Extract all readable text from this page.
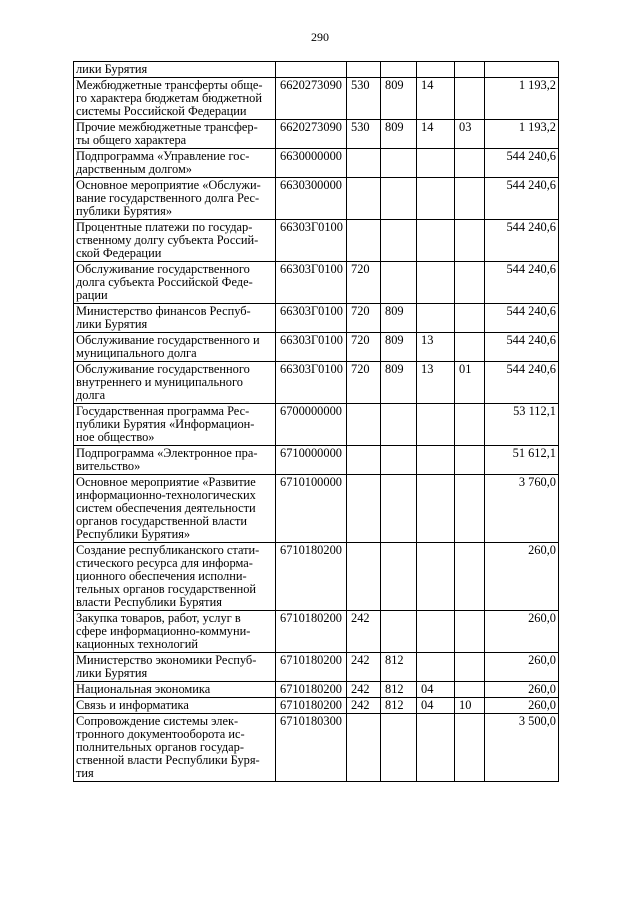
290
лики Бурятия						
Межбюджетные трансферты обще-
го характера бюджетам бюджетной
системы Российской Федерации	6620273090	530	809	14		1 193,2
Прочие межбюджетные трансфер-
ты общего характера	6620273090	530	809	14	03	1 193,2
Подпрограмма «Управление гос-
дарственным долгом»	6630000000					544 240,6
Основное мероприятие «Обслужи-
вание государственного долга Рес-
публики Бурятия»	6630300000					544 240,6
Процентные платежи по государ-
ственному долгу субъекта Россий-
ской Федерации	66303Г0100					544 240,6
Обслуживание государственного
долга субъекта Российской Феде-
рации	66303Г0100	720				544 240,6
Министерство финансов Респуб-
лики Бурятия	66303Г0100	720	809			544 240,6
Обслуживание государственного и
муниципального долга	66303Г0100	720	809	13		544 240,6
Обслуживание государственного
внутреннего и муниципального
долга	66303Г0100	720	809	13	01	544 240,6
Государственная программа Рес-
публики Бурятия «Информацион-
ное общество»	6700000000					53 112,1
Подпрограмма «Электронное пра-
вительство»	6710000000					51 612,1
Основное мероприятие «Развитие
информационно-технологических
систем обеспечения деятельности
органов государственной власти
Республики Бурятия»	6710100000					3 760,0
Создание республиканского стати-
стического ресурса для информа-
ционного обеспечения исполни-
тельных органов государственной
власти Республики Бурятия	6710180200					260,0
Закупка товаров, работ, услуг в
сфере информационно-коммуни-
кационных технологий	6710180200	242				260,0
Министерство экономики Респуб-
лики Бурятия	6710180200	242	812			260,0
Национальная экономика	6710180200	242	812	04		260,0
Связь и информатика	6710180200	242	812	04	10	260,0
Сопровождение системы элек-
тронного документооборота ис-
полнительных органов государ-
ственной власти Республики Буря-
тия	6710180300					3 500,0
